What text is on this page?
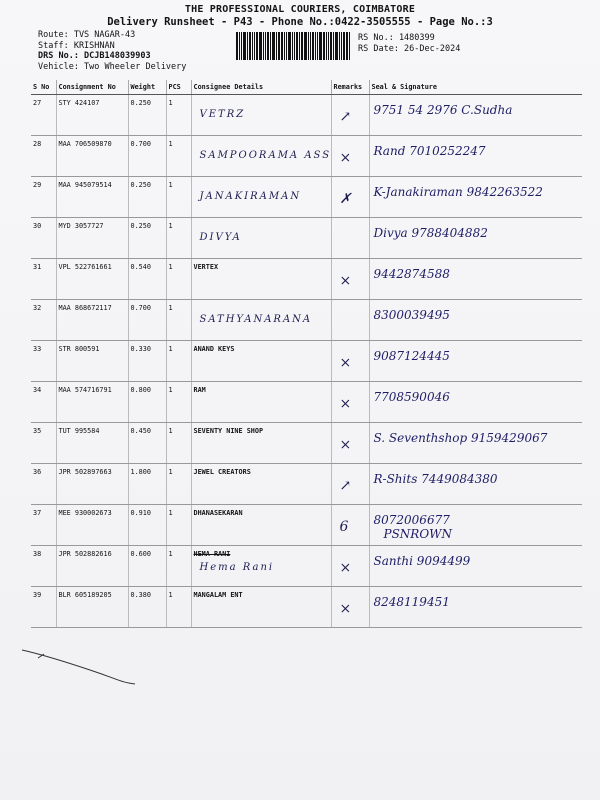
THE PROFESSIONAL COURIERS, COIMBATORE
Delivery Runsheet - P43 - Phone No.:0422-3505555 - Page No.:3
Route: TVS NAGAR-43
Staff: KRISHNAN
DRS No.: DCJB148039903
Vehicle: Two Wheeler Delivery
RS No.: 1480399
RS Date: 26-Dec-2024
S No	Consignment No	Weight	PCS	Consignee Details	Remarks	Seal & Signature
27	STY 424107	0.250	1	VETRZ	↗	9751 54 2976 C.Sudha

28	MAA 706509870	0.700	1	SAMPOORAMA ASS	×	Rand 7010252247

29	MAA 945079514	0.250	1	JANAKIRAMAN	✗	K-Janakiraman 9842263522

30	MYD 3057727	0.250	1	DIVYA		Divya 9788404882

31	VPL 522761661	0.540	1	VERTEX	×	9442874588

32	MAA 868672117	0.700	1	SATHYANARANA		8300039495

33	STR 800591	0.330	1	ANAND KEYS	×	9087124445

34	MAA 574716791	0.800	1	RAM	×	7708590046

35	TUT 995584	0.450	1	SEVENTY NINE SHOP	×	S. Seventhshop 9159429067

36	JPR 502897663	1.800	1	JEWEL CREATORS	↗	R-Shits 7449084380

37	MEE 930002673	0.910	1	DHANASEKARAN	6	8072006677
PSNROWN

38	JPR 502882616	0.600	1	HEMA RANI
Hema Rani	×	Santhi 9094499

39	BLR 605189205	0.380	1	MANGALAM ENT	×	8248119451
